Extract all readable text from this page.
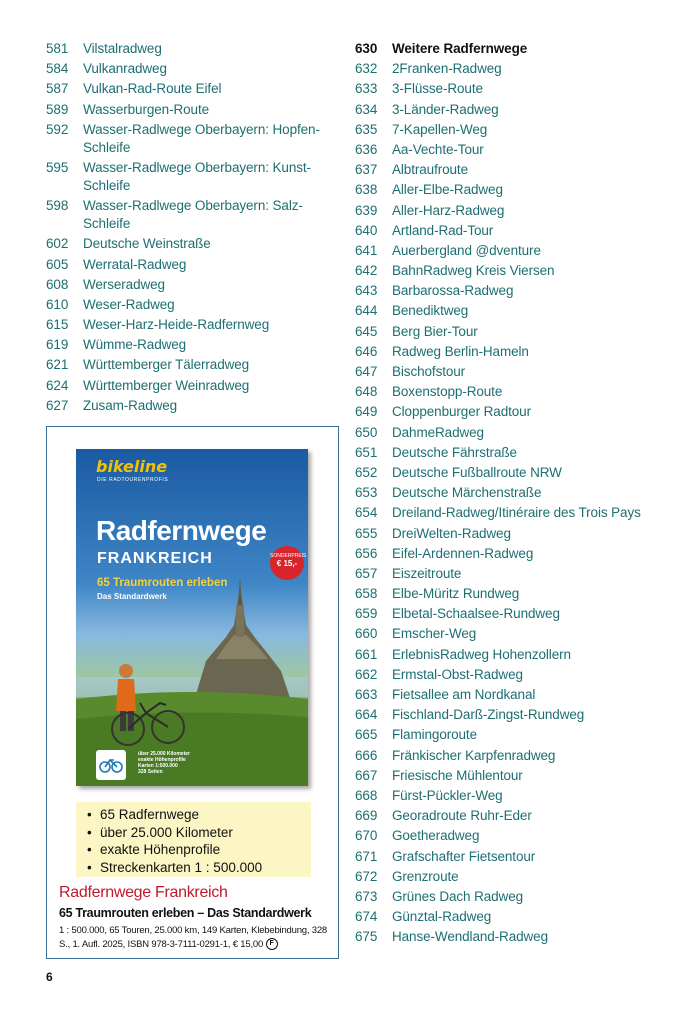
581	Vilstalradweg
584	Vulkanradweg
587	Vulkan-Rad-Route Eifel
589	Wasserburgen-Route
592	Wasser-Radlwege Oberbayern: Hopfen-Schleife
595	Wasser-Radlwege Oberbayern: Kunst-Schleife
598	Wasser-Radlwege Oberbayern: Salz-Schleife
602	Deutsche Weinstraße
605	Werratal-Radweg
608	Werseradweg
610	Weser-Radweg
615	Weser-Harz-Heide-Radfernweg
619	Wümme-Radweg
621	Württemberger Tälerradweg
624	Württemberger Weinradweg
627	Zusam-Radweg
630	Weitere Radfernwege
632	2Franken-Radweg
633	3-Flüsse-Route
634	3-Länder-Radweg
635	7-Kapellen-Weg
636	Aa-Vechte-Tour
637	Albtraufroute
638	Aller-Elbe-Radweg
639	Aller-Harz-Radweg
640	Artland-Rad-Tour
641	Auerbergland @dventure
642	BahnRadweg Kreis Viersen
643	Barbarossa-Radweg
644	Benediktweg
645	Berg Bier-Tour
646	Radweg Berlin-Hameln
647	Bischofstour
648	Boxenstopp-Route
649	Cloppenburger Radtour
650	DahmeRadweg
651	Deutsche Fährstraße
652	Deutsche Fußballroute NRW
653	Deutsche Märchenstraße
654	Dreiland-Radweg/Itinéraire des Trois Pays
655	DreiWelten-Radweg
656	Eifel-Ardennen-Radweg
657	Eiszeitroute
658	Elbe-Müritz Rundweg
659	Elbetal-Schaalsee-Rundweg
660	Emscher-Weg
661	ErlebnisRadweg Hohenzollern
662	Ermstal-Obst-Radweg
663	Fietsallee am Nordkanal
664	Fischland-Darß-Zingst-Rundweg
665	Flamingoroute
666	Fränkischer Karpfenradweg
667	Friesische Mühlentour
668	Fürst-Pückler-Weg
669	Georadroute Ruhr-Eder
670	Goetheradweg
671	Grafschafter Fietsentour
672	Grenzroute
673	Grünes Dach Radweg
674	Günztal-Radweg
675	Hanse-Wendland-Radweg
bikeline
DIE RADTOURENPROFIS
Radfernwege
FRANKREICH
65 Traumrouten erleben
Das Standardwerk
SONDERPREIS
€ 15,-
über 25.000 Kilometer
exakte Höhenprofile
Karten 1:500.000
328 Seiten
• 65 Radfernwege
• über 25.000 Kilometer
• exakte Höhenprofile
• Streckenkarten 1 : 500.000
Radfernwege Frankreich
65 Traumrouten erleben – Das Standardwerk
1 : 500.000, 65 Touren, 25.000 km, 149 Karten, Klebebindung, 328 S., 1. Aufl. 2025, ISBN 978-3-7111-0291-1, € 15,00 F
6
